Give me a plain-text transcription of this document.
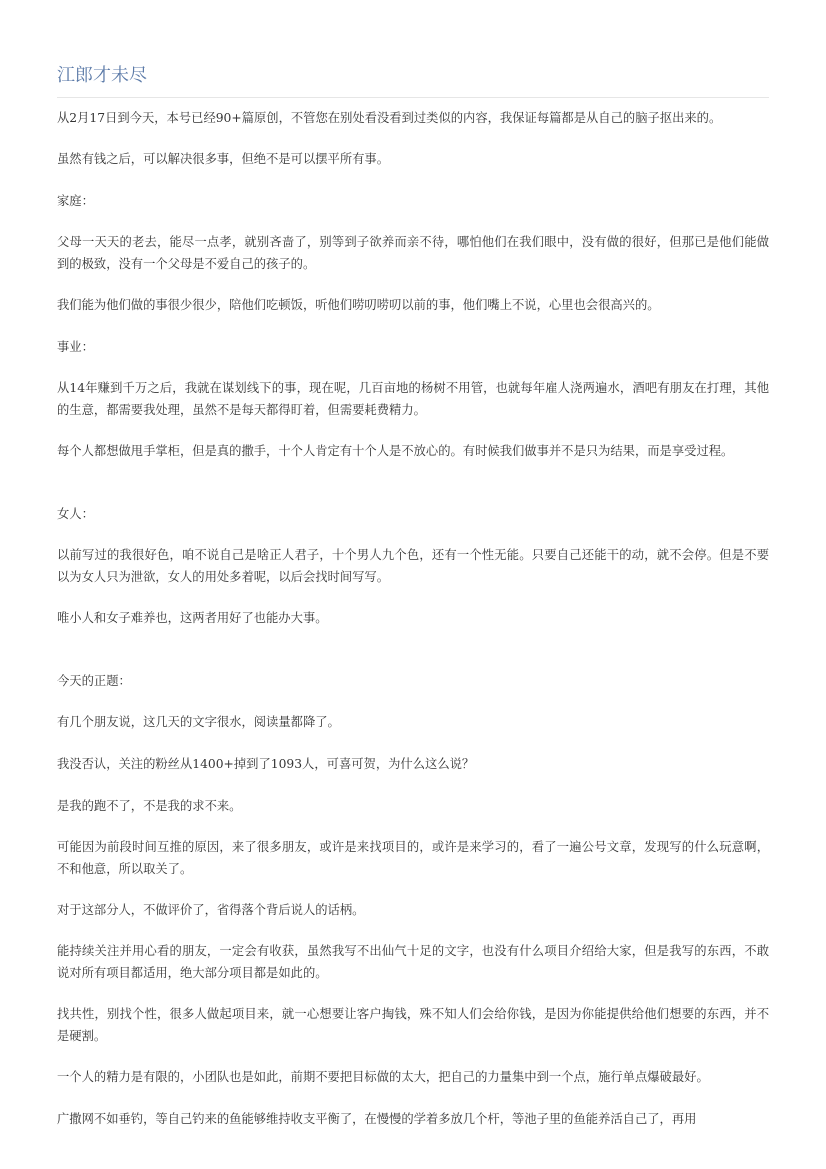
江郎才未尽

从2月17日到今天，本号已经90+篇原创，不管您在别处看没看到过类似的内容，我保证每篇都是从自己的脑子抠出来的。

虽然有钱之后，可以解决很多事，但绝不是可以摆平所有事。

家庭：

父母一天天的老去，能尽一点孝，就别吝啬了，别等到子欲养而亲不待，哪怕他们在我们眼中，没有做的很好，但那已是他们能做到的极致，没有一个父母是不爱自己的孩子的。

我们能为他们做的事很少很少，陪他们吃顿饭，听他们唠叨唠叨以前的事，他们嘴上不说，心里也会很高兴的。

事业：

从14年赚到千万之后，我就在谋划线下的事，现在呢，几百亩地的杨树不用管，也就每年雇人浇两遍水，酒吧有朋友在打理，其他的生意，都需要我处理，虽然不是每天都得盯着，但需要耗费精力。

每个人都想做甩手掌柜，但是真的撒手，十个人肯定有十个人是不放心的。有时候我们做事并不是只为结果，而是享受过程。

女人：

以前写过的我很好色，咱不说自己是啥正人君子，十个男人九个色，还有一个性无能。只要自己还能干的动，就不会停。但是不要以为女人只为泄欲，女人的用处多着呢，以后会找时间写写。

唯小人和女子难养也，这两者用好了也能办大事。

今天的正题：

有几个朋友说，这几天的文字很水，阅读量都降了。

我没否认，关注的粉丝从1400+掉到了1093人，可喜可贺，为什么这么说？

是我的跑不了，不是我的求不来。

可能因为前段时间互推的原因，来了很多朋友，或许是来找项目的，或许是来学习的，看了一遍公号文章，发现写的什么玩意啊，不和他意，所以取关了。

对于这部分人，不做评价了，省得落个背后说人的话柄。

能持续关注并用心看的朋友，一定会有收获，虽然我写不出仙气十足的文字，也没有什么项目介绍给大家，但是我写的东西，不敢说对所有项目都适用，绝大部分项目都是如此的。

找共性，别找个性，很多人做起项目来，就一心想要让客户掏钱，殊不知人们会给你钱，是因为你能提供给他们想要的东西，并不是硬割。

一个人的精力是有限的，小团队也是如此，前期不要把目标做的太大，把自己的力量集中到一个点，施行单点爆破最好。

广撒网不如垂钓，等自己钓来的鱼能够维持收支平衡了，在慢慢的学着多放几个杆，等池子里的鱼能养活自己了，再用
